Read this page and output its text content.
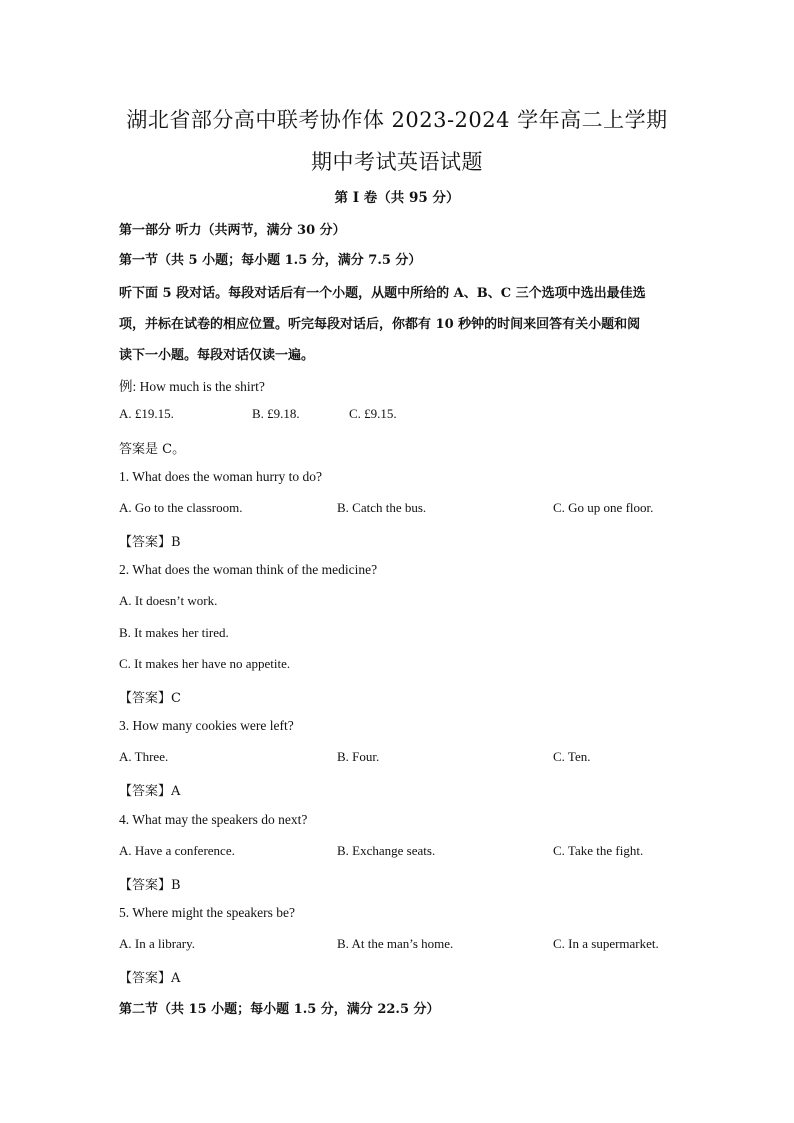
湖北省部分高中联考协作体 2023-2024 学年高二上学期
期中考试英语试题
第 I 卷（共 95 分）
第一部分 听力（共两节，满分 30 分）
第一节（共 5 小题；每小题 1.5 分，满分 7.5 分）
听下面 5 段对话。每段对话后有一个小题，从题中所给的 A、B、C 三个选项中选出最佳选
项，并标在试卷的相应位置。听完每段对话后，你都有 10 秒钟的时间来回答有关小题和阅
读下一小题。每段对话仅读一遍。
例: How much is the shirt?
A. £19.15.	B. £9.18.	C. £9.15.
答案是 C。
1. What does the woman hurry to do?
A. Go to the classroom.	B. Catch the bus.	C. Go up one floor.
【答案】B
2. What does the woman think of the medicine?
A. It doesn’t work.
B. It makes her tired.
C. It makes her have no appetite.
【答案】C
3. How many cookies were left?
A. Three.	B. Four.	C. Ten.
【答案】A
4. What may the speakers do next?
A. Have a conference.	B. Exchange seats.	C. Take the fight.
【答案】B
5. Where might the speakers be?
A. In a library.	B. At the man’s home.	C. In a supermarket.
【答案】A
第二节（共 15 小题；每小题 1.5 分，满分 22.5 分）
